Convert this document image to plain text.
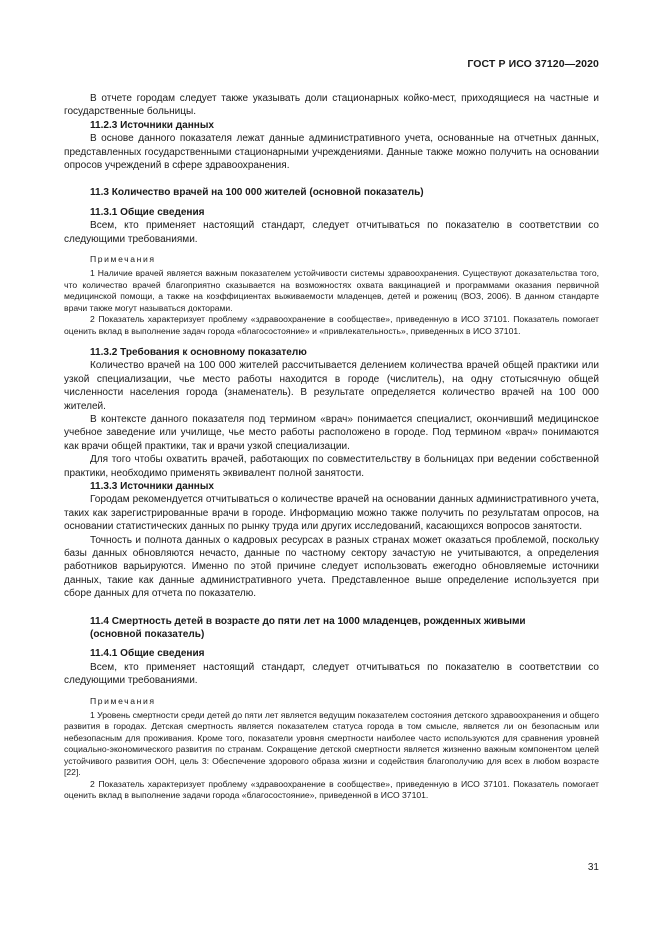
ГОСТ Р ИСО 37120—2020

В отчете городам следует также указывать доли стационарных койко-мест, приходящиеся на частные и государственные больницы.

11.2.3 Источники данных

В основе данного показателя лежат данные административного учета, основанные на отчетных данных, представленных государственными стационарными учреждениями. Данные также можно получить на основании опросов учреждений в сфере здравоохранения.

11.3 Количество врачей на 100 000 жителей (основной показатель)
11.3.1 Общие сведения

Всем, кто применяет настоящий стандарт, следует отчитываться по показателю в соответствии со следующими требованиями.

Примечания

1 Наличие врачей является важным показателем устойчивости системы здравоохранения. Существуют доказательства того, что количество врачей благоприятно сказывается на возможностях охвата вакцинацией и программами оказания первичной медицинской помощи, а также на коэффициентах выживаемости младенцев, детей и рожениц (ВОЗ, 2006). В данном стандарте врачи также могут называться докторами.

2 Показатель характеризует проблему «здравоохранение в сообществе», приведенную в ИСО 37101. Показатель помогает оценить вклад в выполнение задач города «благосостояние» и «привлекательность», приведенных в ИСО 37101.

11.3.2 Требования к основному показателю

Количество врачей на 100 000 жителей рассчитывается делением количества врачей общей практики или узкой специализации, чье место работы находится в городе (числитель), на одну стотысячную общей численности населения города (знаменатель). В результате определяется количество врачей на 100 000 жителей.

В контексте данного показателя под термином «врач» понимается специалист, окончивший медицинское учебное заведение или училище, чье место работы расположено в городе. Под термином «врач» понимаются как врачи общей практики, так и врачи узкой специализации.

Для того чтобы охватить врачей, работающих по совместительству в больницах при ведении собственной практики, необходимо применять эквивалент полной занятости.

11.3.3 Источники данных

Городам рекомендуется отчитываться о количестве врачей на основании данных административного учета, таких как зарегистрированные врачи в городе. Информацию можно также получить по результатам опросов, на основании статистических данных по рынку труда или других исследований, касающихся вопросов занятости.

Точность и полнота данных о кадровых ресурсах в разных странах может оказаться проблемой, поскольку базы данных обновляются нечасто, данные по частному сектору зачастую не учитываются, а определения работников варьируются. Именно по этой причине следует использовать ежегодно обновляемые источники данных, такие как данные административного учета. Представленное выше определение используется при сборе данных для отчета по показателю.

11.4 Смертность детей в возрасте до пяти лет на 1000 младенцев, рожденных живыми
(основной показатель)
11.4.1 Общие сведения

Всем, кто применяет настоящий стандарт, следует отчитываться по показателю в соответствии со следующими требованиями.

Примечания

1 Уровень смертности среди детей до пяти лет является ведущим показателем состояния детского здравоохранения и общего развития в городах. Детская смертность является показателем статуса города в том смысле, является ли он безопасным или небезопасным для проживания. Кроме того, показатели уровня смертности наиболее часто используются для сравнения уровней социально-экономического развития по странам. Сокращение детской смертности является жизненно важным компонентом целей устойчивого развития ООН, цель 3: Обеспечение здорового образа жизни и содействия благополучию для всех в любом возрасте [22].

2 Показатель характеризует проблему «здравоохранение в сообществе», приведенную в ИСО 37101. Показатель помогает оценить вклад в выполнение задачи города «благосостояние», приведенной в ИСО 37101.

31
